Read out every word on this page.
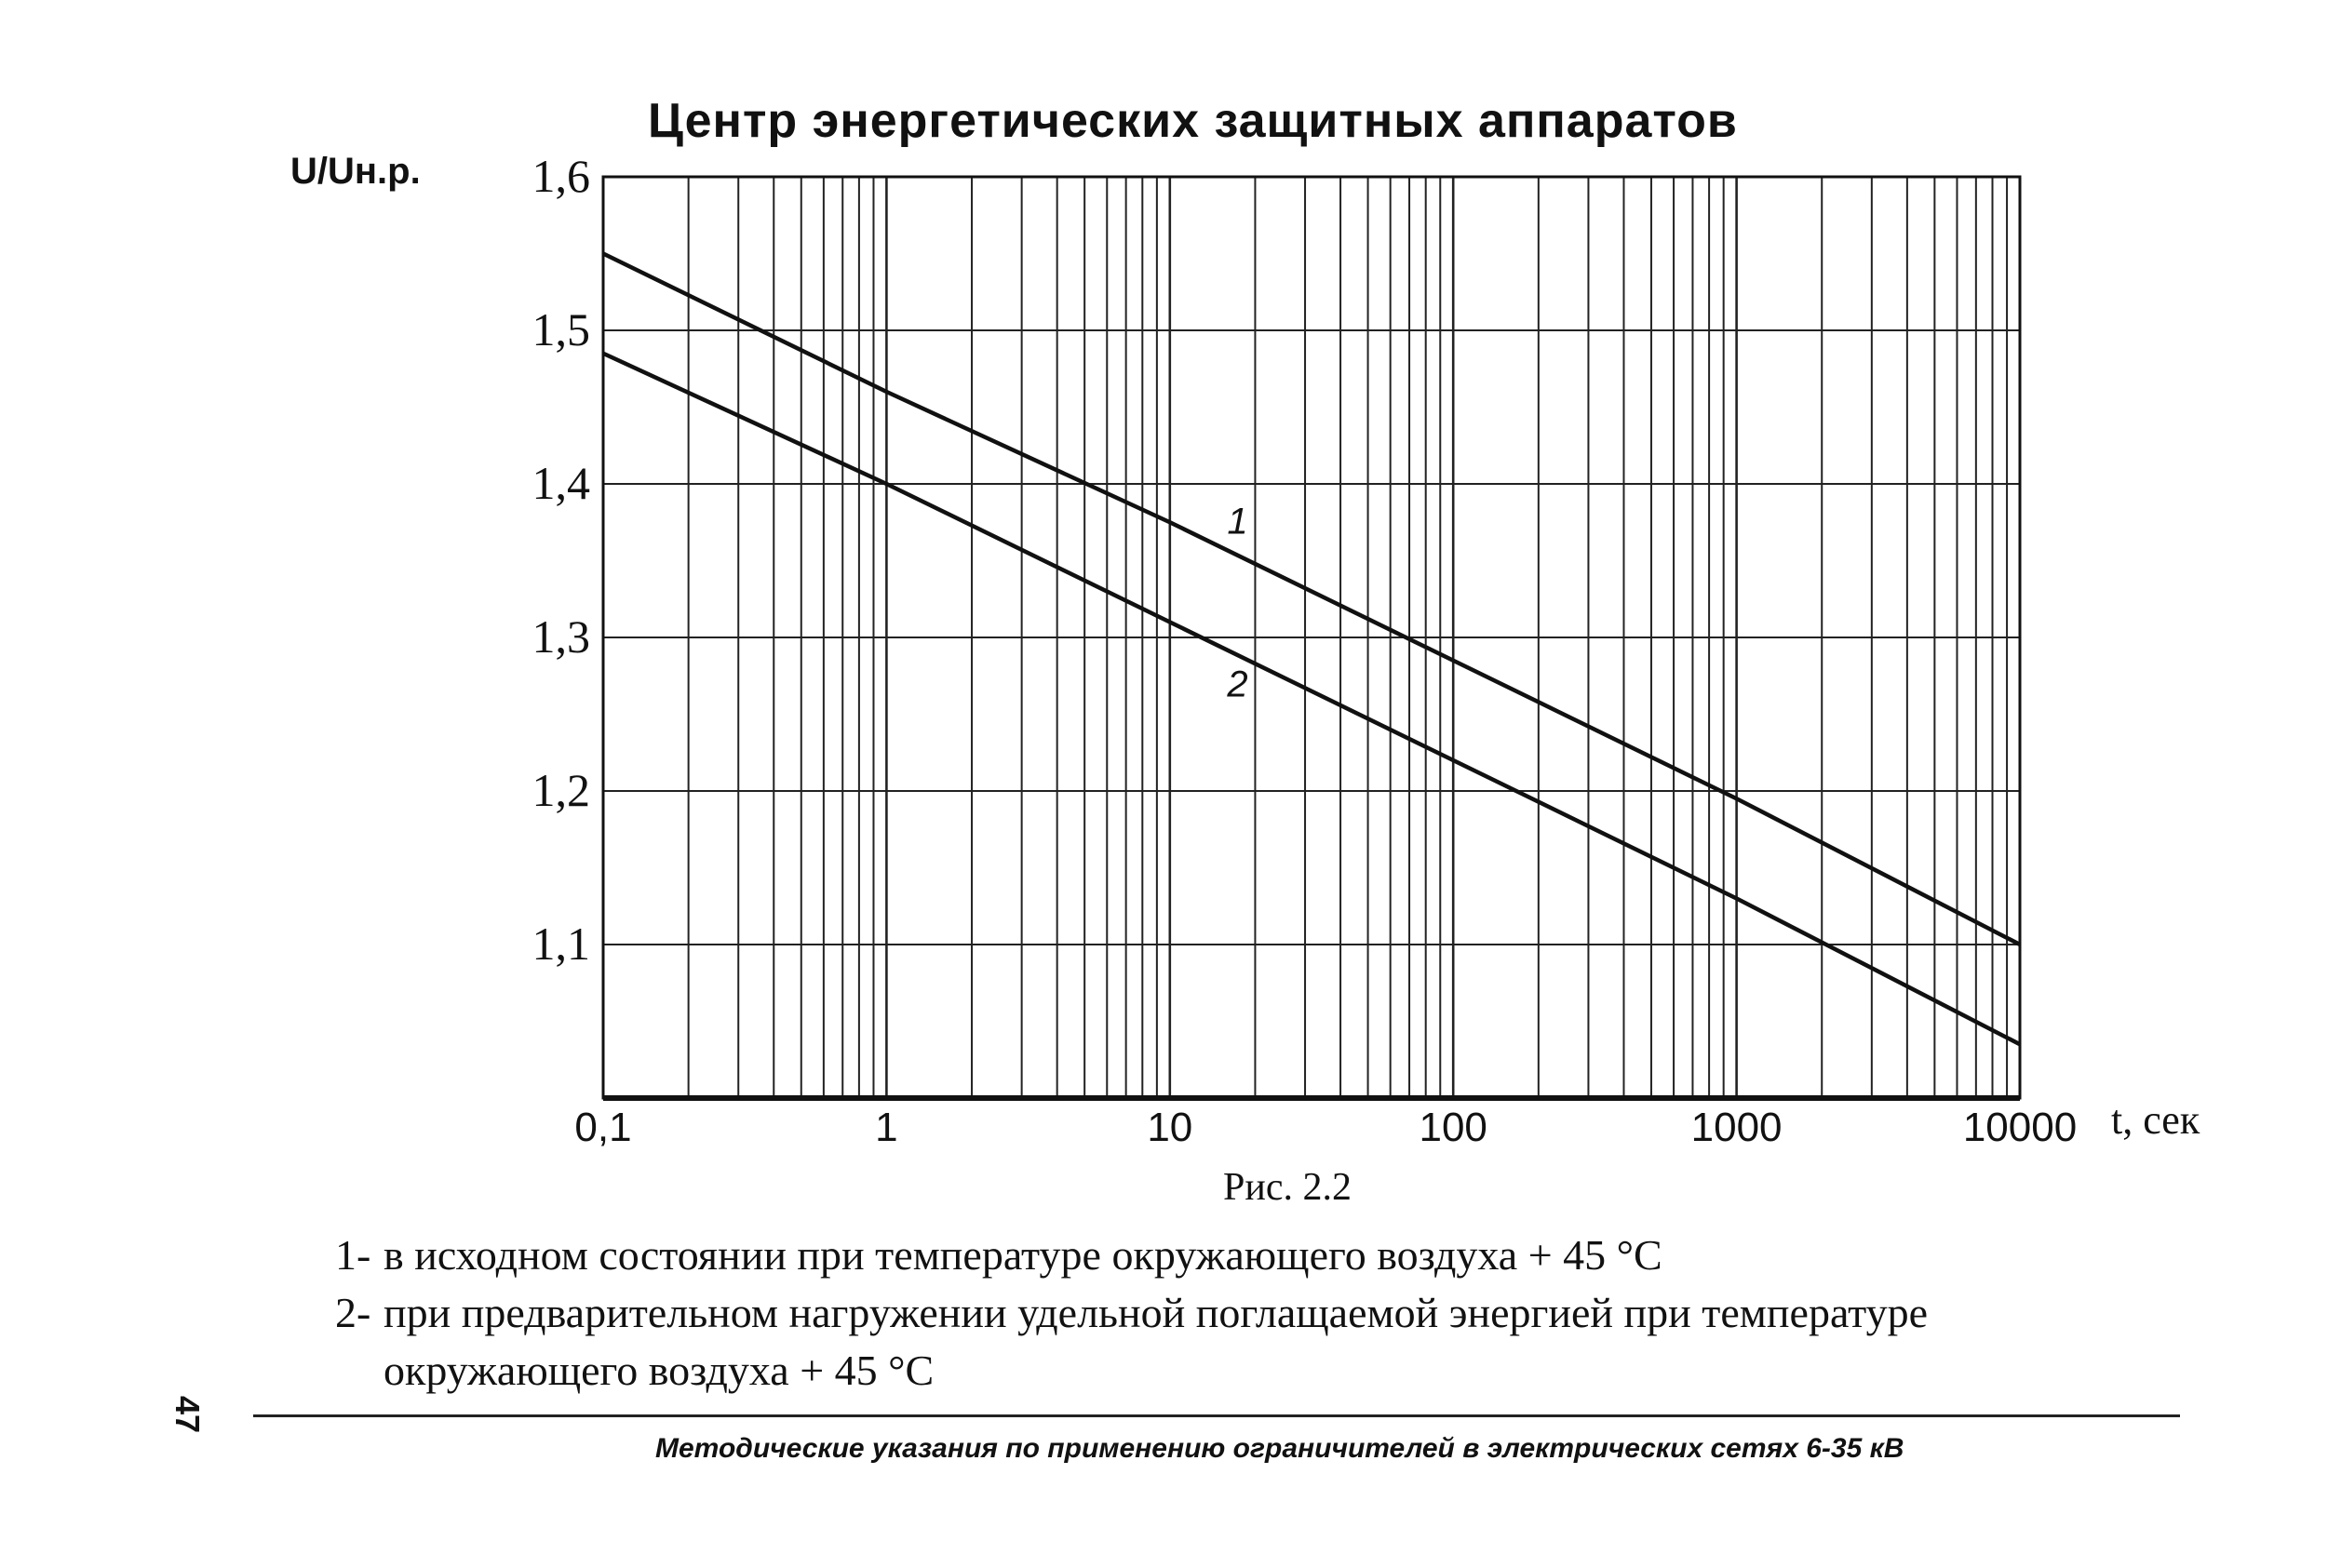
Центр энергетических защитных аппаратов
U/Uн.р.
1,1
1,2
1,3
1,4
1,5
1,6
0,1	1	10	100	1000	10000
1
2
t, сек
Рис. 2.2
1- в исходном состоянии при температуре окружающего воздуха + 45 °С
2- при предварительном нагружении удельной поглащаемой энергией при температуре окружающего воздуха + 45 °С
47
Методические указания по применению ограничителей в электрических сетях 6-35 кВ
